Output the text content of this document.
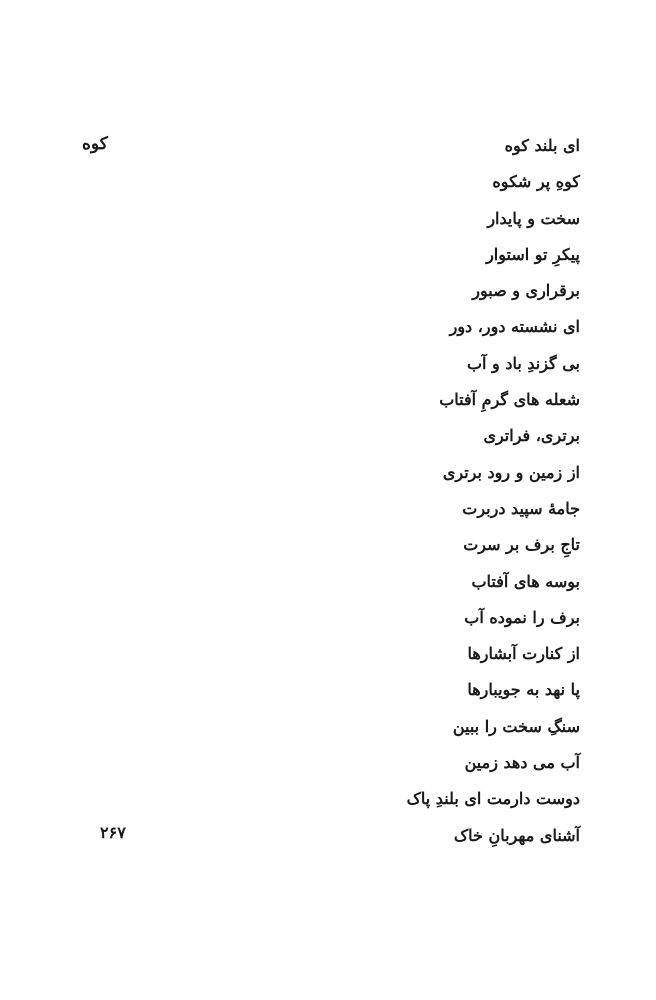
کوه	ای بلند کوه
کوهِ پر شکوه
سخت و پایدار
پیکرِ تو استوار
برقراری و صبور
ای نشسته دور، دور
بی گزندِ باد و آب
شعله های گرمِ آفتاب
برتری، فراتری
از زمین و رود برتری
جامهٔ سپید دربرت
تاجِ برف بر سرت
بوسه های آفتاب
برف را نموده آب
از کنارت آبشارها
پا نهد به جویبارها
سنگِ سخت را ببین
آب می دهد زمین
دوست دارمت ای بلندِ پاک
آشنای مهربانِ خاک
۲۶۷
